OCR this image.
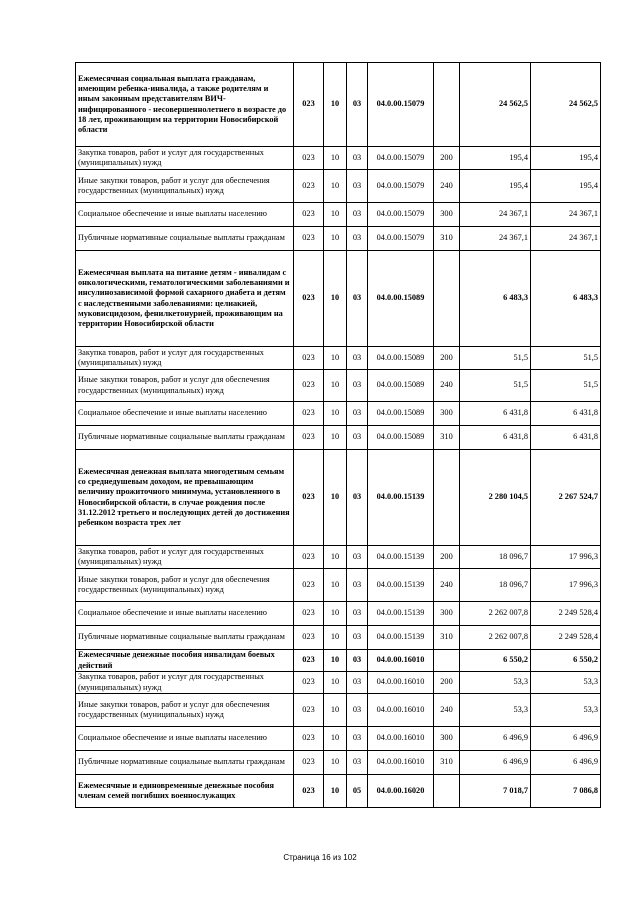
Ежемесячная социальная выплата гражданам, имеющим ребенка-инвалида, а также родителям и иным законным представителям ВИЧ-инфицированного - несовершеннолетнего в возрасте до 18 лет, проживающим на территории Новосибирской области	023	10	03	04.0.00.15079		24 562,5	24 562,5
Закупка товаров, работ и услуг для государственных (муниципальных) нужд	023	10	03	04.0.00.15079	200	195,4	195,4
Иные закупки товаров, работ и услуг для обеспечения государственных (муниципальных) нужд	023	10	03	04.0.00.15079	240	195,4	195,4
Социальное обеспечение и иные выплаты населению	023	10	03	04.0.00.15079	300	24 367,1	24 367,1
Публичные нормативные социальные выплаты гражданам	023	10	03	04.0.00.15079	310	24 367,1	24 367,1
Ежемесячная выплата на питание детям - инвалидам с онкологическими, гематологическими заболеваниями и инсулинозависимой формой сахарного диабета и детям с наследственными заболеваниями: целиакией, муковисцидозом, фенилкетонурией, проживающим на территории Новосибирской области	023	10	03	04.0.00.15089		6 483,3	6 483,3
Закупка товаров, работ и услуг для государственных (муниципальных) нужд	023	10	03	04.0.00.15089	200	51,5	51,5
Иные закупки товаров, работ и услуг для обеспечения государственных (муниципальных) нужд	023	10	03	04.0.00.15089	240	51,5	51,5
Социальное обеспечение и иные выплаты населению	023	10	03	04.0.00.15089	300	6 431,8	6 431,8
Публичные нормативные социальные выплаты гражданам	023	10	03	04.0.00.15089	310	6 431,8	6 431,8
Ежемесячная денежная выплата многодетным семьям со среднедушевым доходом, не превышающим величину прожиточного минимума, установленного в Новосибирской области, в случае рождения после 31.12.2012 третьего и последующих детей до достижения ребенком возраста трех лет	023	10	03	04.0.00.15139		2 280 104,5	2 267 524,7
Закупка товаров, работ и услуг для государственных (муниципальных) нужд	023	10	03	04.0.00.15139	200	18 096,7	17 996,3
Иные закупки товаров, работ и услуг для обеспечения государственных (муниципальных) нужд	023	10	03	04.0.00.15139	240	18 096,7	17 996,3
Социальное обеспечение и иные выплаты населению	023	10	03	04.0.00.15139	300	2 262 007,8	2 249 528,4
Публичные нормативные социальные выплаты гражданам	023	10	03	04.0.00.15139	310	2 262 007,8	2 249 528,4
Ежемесячные денежные пособия инвалидам боевых действий	023	10	03	04.0.00.16010		6 550,2	6 550,2
Закупка товаров, работ и услуг для государственных (муниципальных) нужд	023	10	03	04.0.00.16010	200	53,3	53,3
Иные закупки товаров, работ и услуг для обеспечения государственных (муниципальных) нужд	023	10	03	04.0.00.16010	240	53,3	53,3
Социальное обеспечение и иные выплаты населению	023	10	03	04.0.00.16010	300	6 496,9	6 496,9
Публичные нормативные социальные выплаты гражданам	023	10	03	04.0.00.16010	310	6 496,9	6 496,9
Ежемесячные и единовременные денежные пособия членам семей погибших военнослужащих	023	10	05	04.0.00.16020		7 018,7	7 086,8
Страница 16 из 102
